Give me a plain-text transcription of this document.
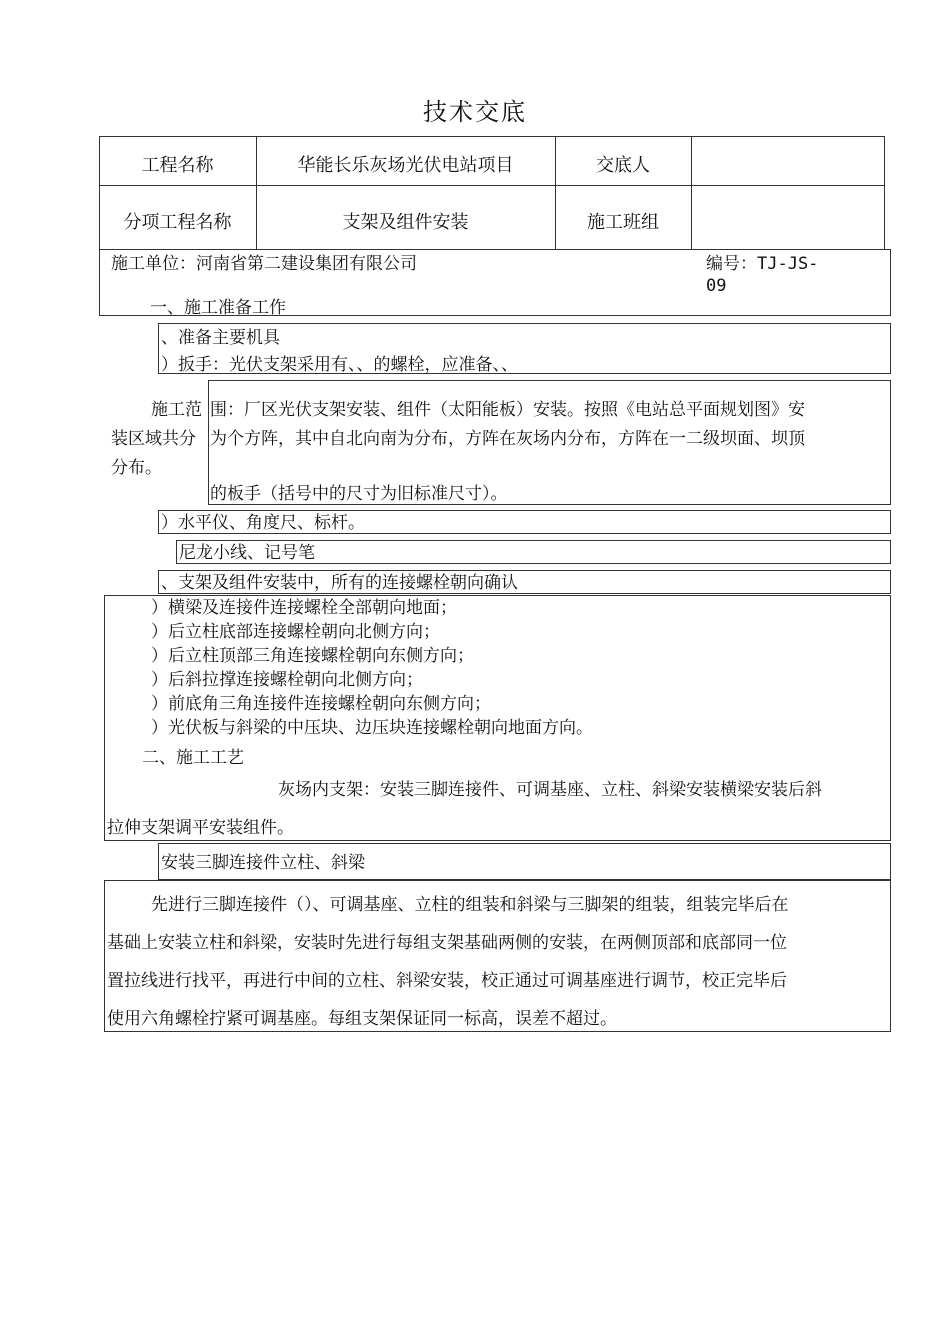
技术交底
工程名称	华能长乐灰场光伏电站项目	交底人
分项工程名称	支架及组件安装	施工班组
施工单位：河南省第二建设集团有限公司	编号：TJ-JS-
09
一、施工准备工作
、准备主要机具
）扳手：光伏支架采用有、、的螺栓，应准备、、
施工范 围：厂区光伏支架安装、组件（太阳能板）安装。按照《电站总平面规划图》安
装区域共分 为个方阵，其中自北向南为分布，方阵在灰场内分布，方阵在一二级坝面、坝顶
分布。
的板手（括号中的尺寸为旧标准尺寸）。
）水平仪、角度尺、标杆。
尼龙小线、记号笔
、支架及组件安装中，所有的连接螺栓朝向确认
）横梁及连接件连接螺栓全部朝向地面；
）后立柱底部连接螺栓朝向北侧方向；
）后立柱顶部三角连接螺栓朝向东侧方向；
）后斜拉撑连接螺栓朝向北侧方向；
）前底角三角连接件连接螺栓朝向东侧方向；
）光伏板与斜梁的中压块、边压块连接螺栓朝向地面方向。
二、施工工艺
灰场内支架：安装三脚连接件、可调基座、立柱、斜梁安装横梁安装后斜
拉伸支架调平安装组件。
安装三脚连接件立柱、斜梁
先进行三脚连接件（）、可调基座、立柱的组装和斜梁与三脚架的组装，组装完毕后在
基础上安装立柱和斜梁，安装时先进行每组支架基础两侧的安装，在两侧顶部和底部同一位
置拉线进行找平，再进行中间的立柱、斜梁安装，校正通过可调基座进行调节，校正完毕后
使用六角螺栓拧紧可调基座。每组支架保证同一标高，误差不超过。
